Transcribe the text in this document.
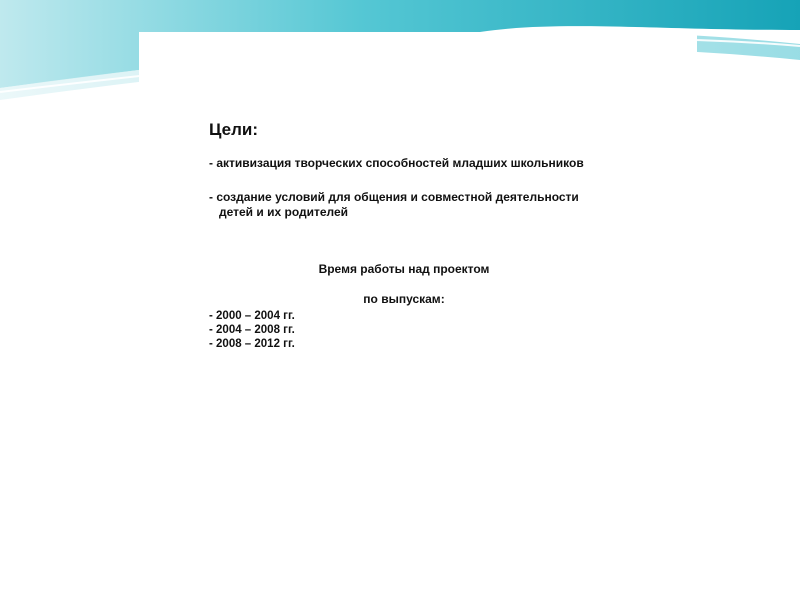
Цели:
- активизация творческих способностей младших школьников
- создание условий для общения и совместной деятельности
детей и их родителей
Время работы над проектом
по выпускам:
- 2000 – 2004 гг.
- 2004 – 2008 гг.
- 2008 – 2012 гг.
